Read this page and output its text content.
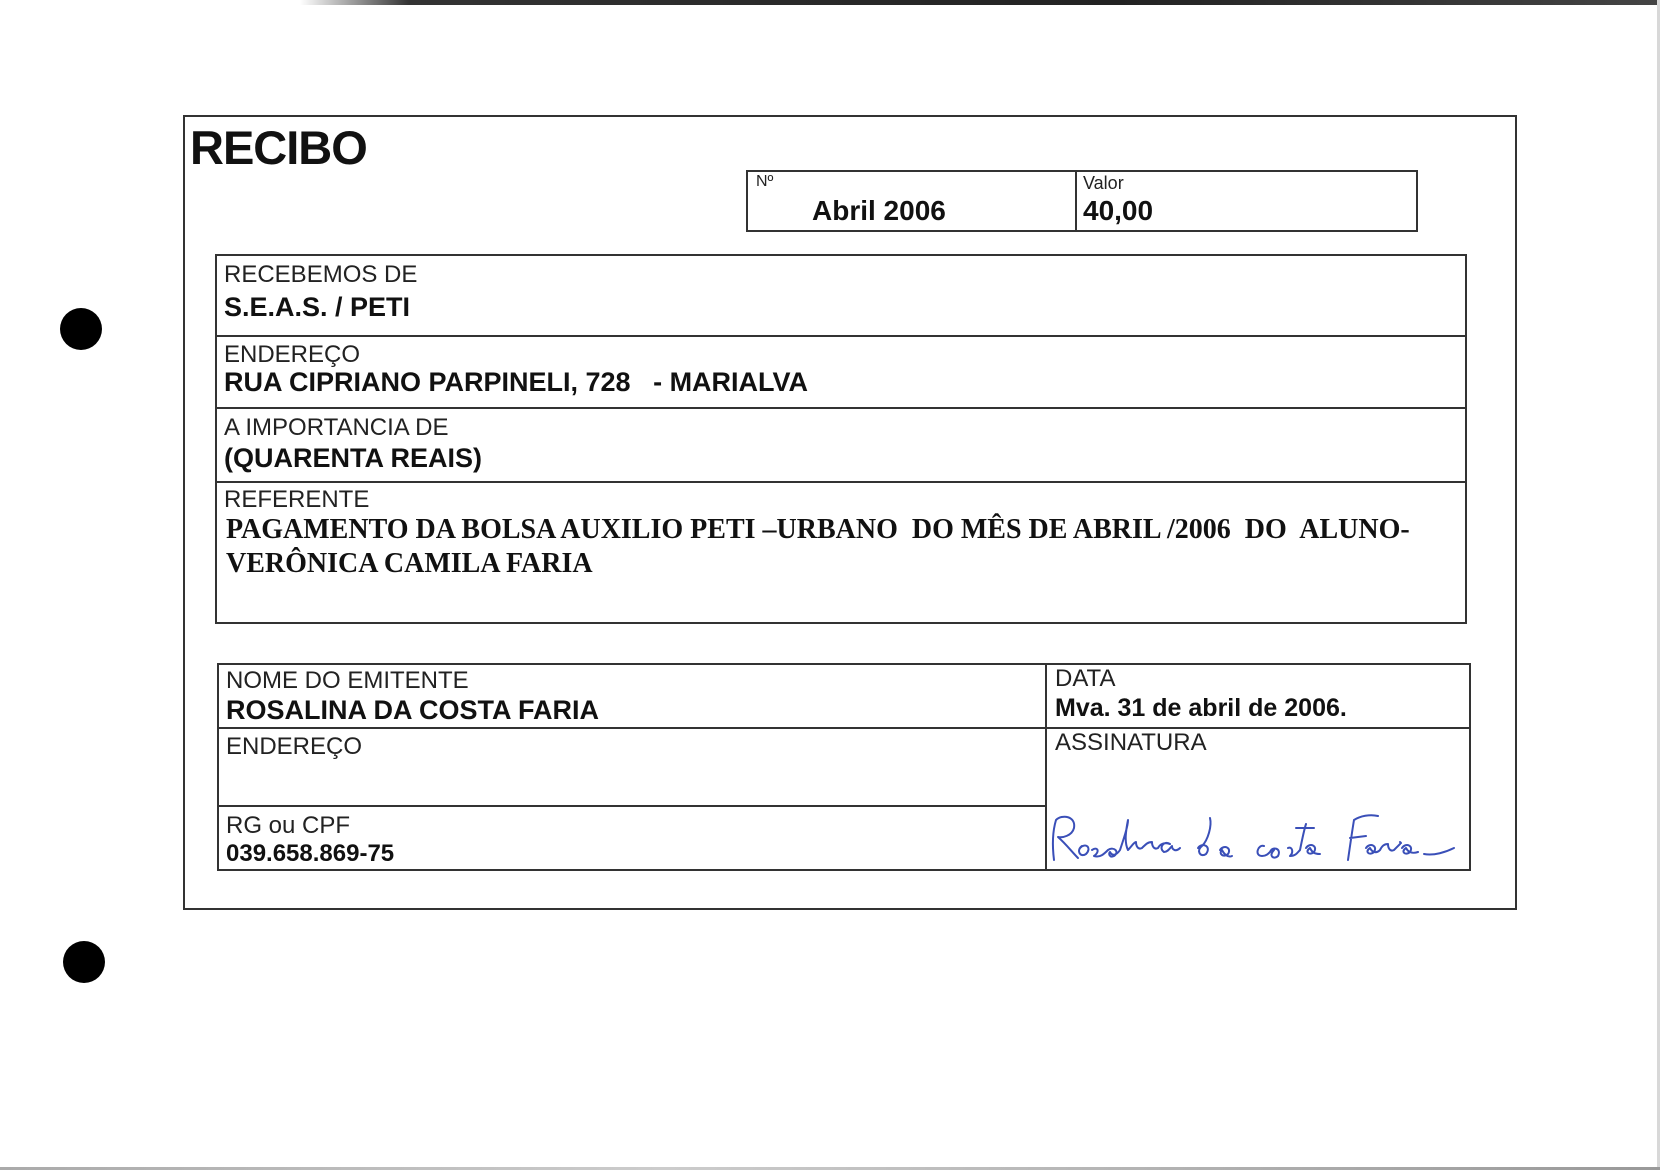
RECIBO
Nº
Abril 2006
Valor
40,00
RECEBEMOS DE
S.E.A.S. / PETI
ENDEREÇO
RUA CIPRIANO PARPINELI, 728   - MARIALVA
A IMPORTANCIA DE
(QUARENTA REAIS)
REFERENTE
PAGAMENTO DA BOLSA AUXILIO PETI –URBANO  DO MÊS DE ABRIL /2006  DO  ALUNO-
VERÔNICA CAMILA FARIA
NOME DO EMITENTE
ROSALINA DA COSTA FARIA
ENDEREÇO
RG ou CPF
039.658.869-75
DATA
Mva. 31 de abril de 2006.
ASSINATURA
